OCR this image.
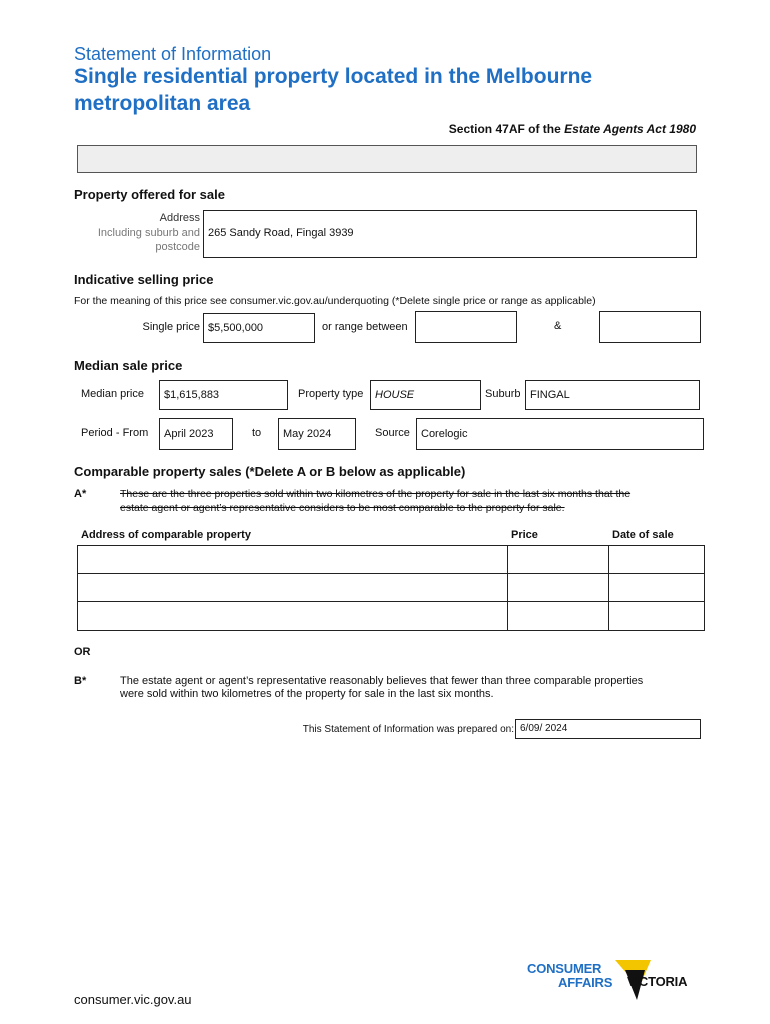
Statement of Information
Single residential property located in the Melbourne
metropolitan area
Section 47AF of the Estate Agents Act 1980
Property offered for sale
Address
Including suburb and
postcode
265 Sandy Road, Fingal 3939
Indicative selling price
For the meaning of this price see consumer.vic.gov.au/underquoting (*Delete single price or range as applicable)
Single price $5,500,000	or range between	&
Median sale price
Median price	$1,615,883	Property type	HOUSE	Suburb FINGAL
Period - From	April 2023	to	May 2024	Source	Corelogic
Comparable property sales (*Delete A or B below as applicable)
A*	These are the three properties sold within two kilometres of the property for sale in the last six months that the
estate agent or agent’s representative considers to be most comparable to the property for sale.
Address of comparable property	Price	Date of sale
OR
B*	The estate agent or agent’s representative reasonably believes that fewer than three comparable properties
were sold within two kilometres of the property for sale in the last six months.
This Statement of Information was prepared on: 6/09/ 2024
consumer.vic.gov.au
CONSUMER
AFFAIRS VICTORIA
